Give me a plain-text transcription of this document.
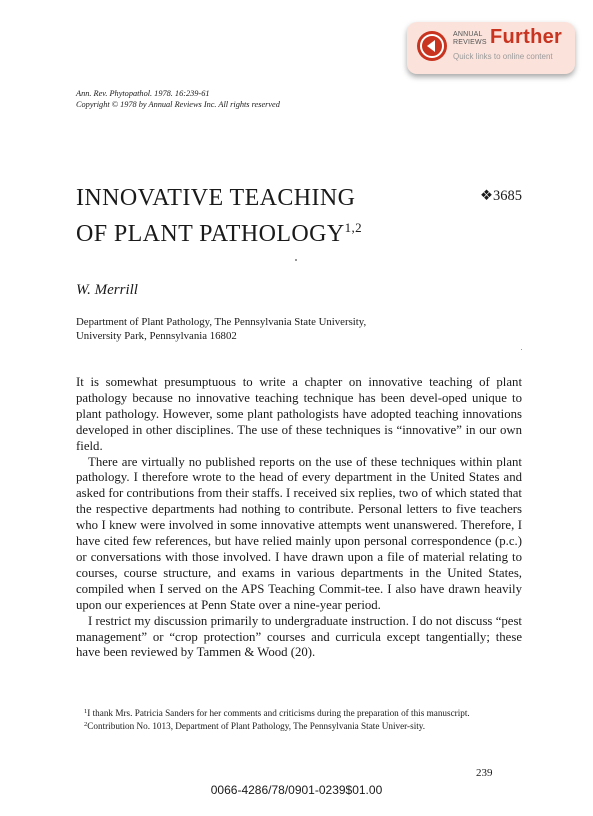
ANNUAL
REVIEWS Further
Quick links to online content
Ann. Rev. Phytopathol. 1978. 16:239-61
Copyright © 1978 by Annual Reviews Inc. All rights reserved
INNOVATIVE TEACHING
OF PLANT PATHOLOGY$^{1,2}$
❖3685
W. Merrill
Department of Plant Pathology, The Pennsylvania State University,
University Park, Pennsylvania 16802

It is somewhat presumptuous to write a chapter on innovative teaching of plant pathology because no innovative teaching technique has been devel-oped unique to plant pathology. However, some plant pathologists have adopted teaching innovations developed in other disciplines. The use of these techniques is “innovative” in our own field.

There are virtually no published reports on the use of these techniques within plant pathology. I therefore wrote to the head of every department in the United States and asked for contributions from their staffs. I received six replies, two of which stated that the respective departments had nothing to contribute. Personal letters to five teachers who I knew were involved in some innovative attempts went unanswered. Therefore, I have cited few references, but have relied mainly upon personal correspondence (p.c.) or conversations with those involved. I have drawn upon a file of material relating to courses, course structure, and exams in various departments in the United States, compiled when I served on the APS Teaching Commit-tee. I also have drawn heavily upon our experiences at Penn State over a nine-year period.

I restrict my discussion primarily to undergraduate instruction. I do not discuss “pest management” or “crop protection” courses and curricula except tangentially; these have been reviewed by Tammen & Wood (20).

$^1$I thank Mrs. Patricia Sanders for her comments and criticisms during the preparation of this manuscript.

$^2$Contribution No. 1013, Department of Plant Pathology, The Pennsylvania State Univer-sity.

239
0066-4286/78/0901-0239$01.00
